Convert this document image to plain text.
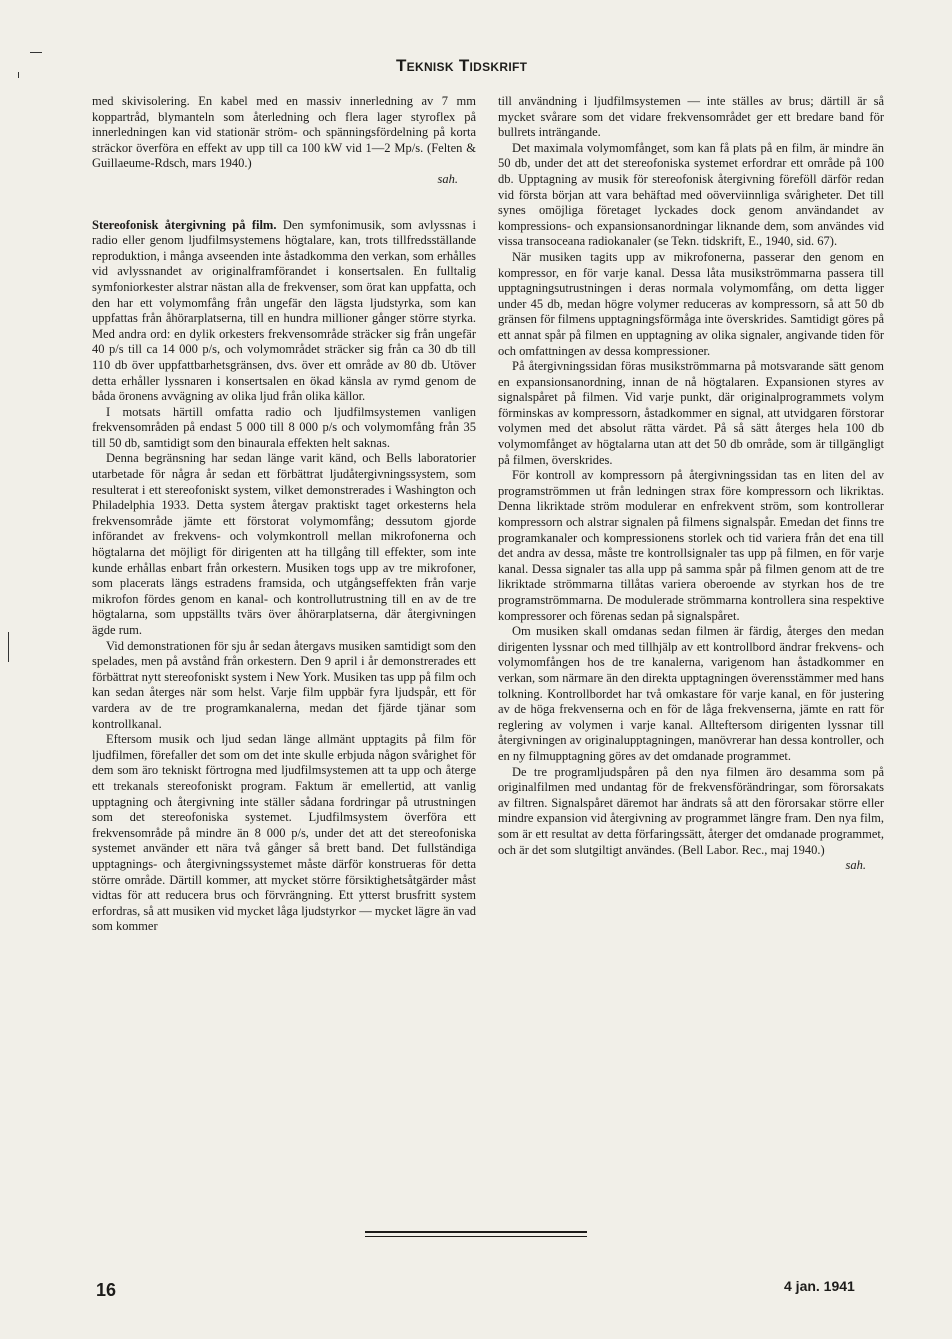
Teknisk Tidskrift

med skivisolering. En kabel med en massiv innerledning av 7 mm koppartråd, blymanteln som återledning och flera lager styroflex på innerledningen kan vid stationär ström- och spänningsfördelning på korta sträckor överföra en effekt av upp till ca 100 kW vid 1—2 Mp/s. (Felten & Guillaeume-Rdsch, mars 1940.)

sah.

Stereofonisk återgivning på film. Den symfonimusik, som avlyssnas i radio eller genom ljudfilmsystemens högtalare, kan, trots tillfredsställande reproduktion, i många avseenden inte åstadkomma den verkan, som erhålles vid avlyssnandet av originalframförandet i konsertsalen. En fulltalig symfoniorkester alstrar nästan alla de frekvenser, som örat kan uppfatta, och den har ett volymomfång från ungefär den lägsta ljudstyrka, som kan uppfattas från åhörarplatserna, till en hundra millioner gånger större styrka. Med andra ord: en dylik orkesters frekvensområde sträcker sig från ungefär 40 p/s till ca 14 000 p/s, och volymområdet sträcker sig från ca 30 db till 110 db över uppfattbarhetsgränsen, dvs. över ett område av 80 db. Utöver detta erhåller lyssnaren i konsertsalen en ökad känsla av rymd genom de båda öronens avvägning av olika ljud från olika källor.

I motsats härtill omfatta radio och ljudfilmsystemen vanligen frekvensområden på endast 5 000 till 8 000 p/s och volymomfång från 35 till 50 db, samtidigt som den binaurala effekten helt saknas.

Denna begränsning har sedan länge varit känd, och Bells laboratorier utarbetade för några år sedan ett förbättrat ljudåtergivningssystem, som resulterat i ett stereofoniskt system, vilket demonstrerades i Washington och Philadelphia 1933. Detta system återgav praktiskt taget orkesterns hela frekvensområde jämte ett förstorat volymomfång; dessutom gjorde införandet av frekvens- och volymkontroll mellan mikrofonerna och högtalarna det möjligt för dirigenten att ha tillgång till effekter, som inte kunde erhållas enbart från orkestern. Musiken togs upp av tre mikrofoner, som placerats längs estradens framsida, och utgångseffekten från varje mikrofon fördes genom en kanal- och kontrollutrustning till en av de tre högtalarna, som uppställts tvärs över åhörarplatserna, där återgivningen ägde rum.

Vid demonstrationen för sju år sedan återgavs musiken samtidigt som den spelades, men på avstånd från orkestern. Den 9 april i år demonstrerades ett förbättrat nytt stereofoniskt system i New York. Musiken tas upp på film och kan sedan återges när som helst. Varje film uppbär fyra ljudspår, ett för vardera av de tre programkanalerna, medan det fjärde tjänar som kontrollkanal.

Eftersom musik och ljud sedan länge allmänt upptagits på film för ljudfilmen, förefaller det som om det inte skulle erbjuda någon svårighet för dem som äro tekniskt förtrogna med ljudfilmsystemen att ta upp och återge ett trekanals stereofoniskt program. Faktum är emellertid, att vanlig upptagning och återgivning inte ställer sådana fordringar på utrustningen som det stereofoniska systemet. Ljudfilmsystem överföra ett frekvensområde på mindre än 8 000 p/s, under det att det stereofoniska systemet använder ett nära två gånger så brett band. Det fullständiga upptagnings- och återgivningssystemet måste därför konstrueras för detta större område. Därtill kommer, att mycket större försiktighetsåtgärder måst vidtas för att reducera brus och förvrängning. Ett ytterst brusfritt system erfordras, så att musiken vid mycket låga ljudstyrkor — mycket lägre än vad som kommer

till användning i ljudfilmsystemen — inte ställes av brus; därtill är så mycket svårare som det vidare frekvensområdet ger ett bredare band för bullrets inträngande.

Det maximala volymomfånget, som kan få plats på en film, är mindre än 50 db, under det att det stereofoniska systemet erfordrar ett område på 100 db. Upptagning av musik för stereofonisk återgivning föreföll därför redan vid första början att vara behäftad med oöverviinnliga svårigheter. Det till synes omöjliga företaget lyckades dock genom användandet av kompressions- och expansionsanordningar liknande dem, som användes vid vissa transoceana radiokanaler (se Tekn. tidskrift, E., 1940, sid. 67).

När musiken tagits upp av mikrofonerna, passerar den genom en kompressor, en för varje kanal. Dessa låta musikströmmarna passera till upptagningsutrustningen i deras normala volymomfång, om detta ligger under 45 db, medan högre volymer reduceras av kompressorn, så att 50 db gränsen för filmens upptagningsförmåga inte överskrides. Samtidigt göres på ett annat spår på filmen en upptagning av olika signaler, angivande tiden för och omfattningen av dessa kompressioner.

På återgivningssidan föras musikströmmarna på motsvarande sätt genom en expansionsanordning, innan de nå högtalaren. Expansionen styres av signalspåret på filmen. Vid varje punkt, där originalprogrammets volym förminskas av kompressorn, åstadkommer en signal, att utvidgaren förstorar volymen med det absolut rätta värdet. På så sätt återges hela 100 db volymomfånget av högtalarna utan att det 50 db område, som är tillgängligt på filmen, överskrides.

För kontroll av kompressorn på återgivningssidan tas en liten del av programströmmen ut från ledningen strax före kompressorn och likriktas. Denna likriktade ström modulerar en enfrekvent ström, som kontrollerar kompressorn och alstrar signalen på filmens signalspår. Emedan det finns tre programkanaler och kompressionens storlek och tid variera från det ena till det andra av dessa, måste tre kontrollsignaler tas upp på filmen, en för varje kanal. Dessa signaler tas alla upp på samma spår på filmen genom att de tre likriktade strömmarna tillåtas variera oberoende av styrkan hos de tre programströmmarna. De modulerade strömmarna kontrollera sina respektive kompressorer och förenas sedan på signalspåret.

Om musiken skall omdanas sedan filmen är färdig, återges den medan dirigenten lyssnar och med tillhjälp av ett kontrollbord ändrar frekvens- och volymomfången hos de tre kanalerna, varigenom han åstadkommer en verkan, som närmare än den direkta upptagningen överensstämmer med hans tolkning. Kontrollbordet har två omkastare för varje kanal, en för justering av de höga frekvenserna och en för de låga frekvenserna, jämte en ratt för reglering av volymen i varje kanal. Allteftersom dirigenten lyssnar till återgivningen av originalupptagningen, manövrerar han dessa kontroller, och en ny filmupptagning göres av det omdanade programmet.

De tre programljudspåren på den nya filmen äro desamma som på originalfilmen med undantag för de frekvensförändringar, som förorsakats av filtren. Signalspåret däremot har ändrats så att den förorsakar större eller mindre expansion vid återgivning av programmet längre fram. Den nya film, som är ett resultat av detta förfaringssätt, återger det omdanade programmet, och är det som slutgiltigt användes. (Bell Labor. Rec., maj 1940.)

sah.

16	4 jan. 1941
